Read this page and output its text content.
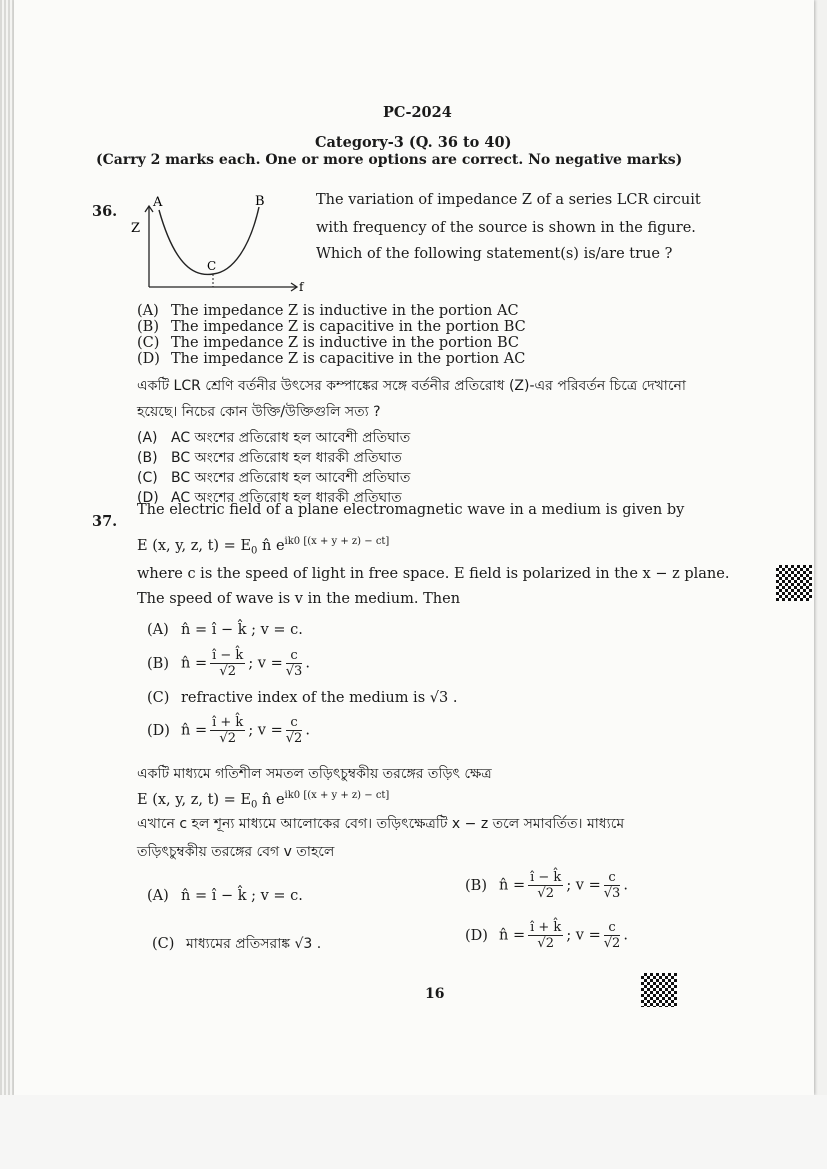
PC-2024
Category-3 (Q. 36 to 40)
(Carry 2 marks each. One or more options are correct. No negative marks)
36.
Z
f
A	B
C
The variation of impedance Z of a series LCR circuit
with frequency of the source is shown in the figure.
Which of the following statement(s) is/are true ?
(A) The impedance Z is inductive in the portion AC
(B) The impedance Z is capacitive in the portion BC
(C) The impedance Z is inductive in the portion BC
(D) The impedance Z is capacitive in the portion AC
একটি LCR শ্রেণি বর্তনীর উৎসের কম্পাঙ্কের সঙ্গে বর্তনীর প্রতিরোধ (Z)-এর পরিবর্তন চিত্রে দেখানো
হয়েছে। নিচের কোন উক্তি/উক্তিগুলি সত্য ?
(A) AC অংশের প্রতিরোধ হল আবেশী প্রতিঘাত
(B) BC অংশের প্রতিরোধ হল ধারকী প্রতিঘাত
(C) BC অংশের প্রতিরোধ হল আবেশী প্রতিঘাত
(D) AC অংশের প্রতিরোধ হল ধারকী প্রতিঘাত
37.
The electric field of a plane electromagnetic wave in a medium is given by
E (x, y, z, $t) = E_0$ n̂ $e^{ik0 [(x + y + z) - ct]}$
where c is the speed of light in free space. E field is polarized in the x − z plane.
The speed of wave is v in the medium. Then
(A) n̂ = î − k̂ ; v = c.
(B) n̂ = $\frac{î - k̂}{√2}$ ; $v = \frac{c}{√3}$ .
(C) refractive index of the medium is √3 .
(D) n̂ = $\frac{î + k̂}{√2}$ ; $v = \frac{c}{√2}$ .
একটি মাধ্যমে গতিশীল সমতল তড়িৎচুম্বকীয় তরঙ্গের তড়িৎ ক্ষেত্র
E (x, y, z, $t) = E_0$ n̂ $e^{ik0 [(x + y + z) - ct]}$
এখানে c হল শূন্য মাধ্যমে আলোকের বেগ। তড়িৎক্ষেত্রটি x − z তলে সমাবর্তিত। মাধ্যমে
তড়িৎচুম্বকীয় তরঙ্গের বেগ v তাহলে
(A) n̂ = î − k̂ ; v = c.
(B) n̂ = $\frac{î - k̂}{√2}$ ; $v = \frac{c}{√3}$ .
(C) মাধ্যমের প্রতিসরাঙ্ক √3 .
(D) n̂ = $\frac{î + k̂}{√2}$ ; $v = \frac{c}{√2}$ .
16
